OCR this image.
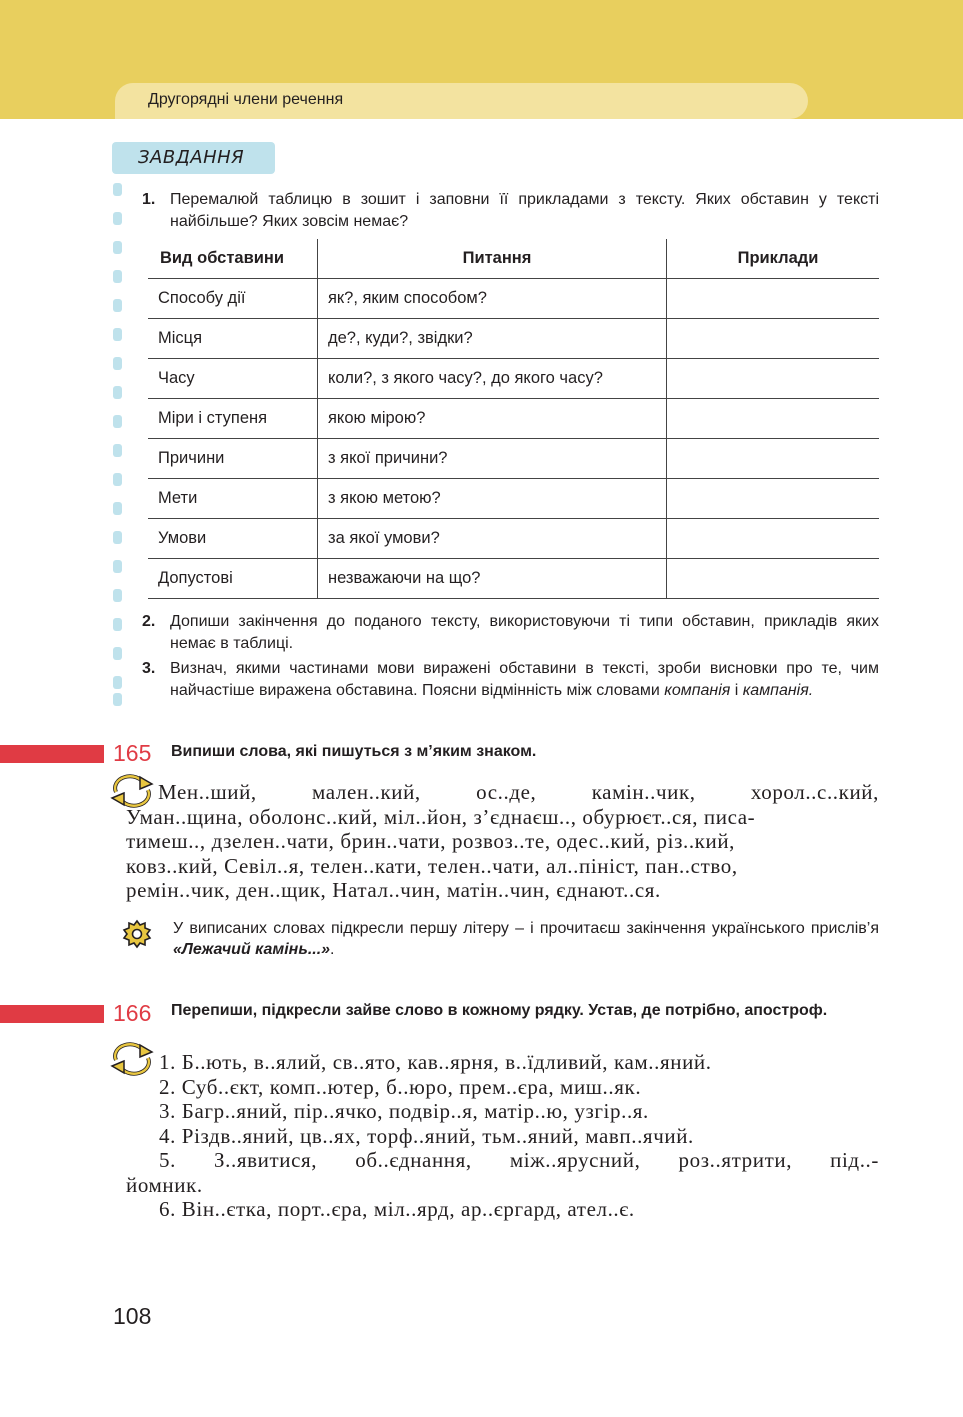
Другорядні члени речення
ЗАВДАННЯ
1. Перемалюй таблицю в зошит і заповни її прикладами з тексту. Яких обставин у тексті найбільше? Яких зовсім немає?
Вид обставини	Питання	Приклади
Способу дії	як?, яким способом?	
Місця	де?, куди?, звідки?	
Часу	коли?, з якого часу?, до якого часу?	
Міри і ступеня	якою мірою?	
Причини	з якої причини?	
Мети	з якою метою?	
Умови	за якої умови?	
Допустові	незважаючи на що?	
2. Допиши закінчення до поданого тексту, використовуючи ті типи обставин, прикладів яких немає в таблиці.
3. Визнач, якими частинами мови виражені обставини в тексті, зроби висновки про те, чим найчастіше виражена обставина. Поясни відмінність між словами компанія і кампанія.
165 Випиши слова, які пишуться з м’яким знаком.
Мен..ший, мален..кий, ос..де, камін..чик, хорол..с..кий,
Уман..щина, оболонс..кий, міл..йон, з’єднаєш.., обурюєт..ся, писа-
тимеш.., дзелен..чати, брин..чати, розвоз..те, одес..кий, різ..кий,
ковз..кий, Севіл..я, телен..кати, телен..чати, ал..пініст, пан..ство,
ремін..чик, ден..щик, Натал..чин, матін..чин, єднают..ся.
У виписаних словах підкресли першу літеру – і прочитаєш закінчення українського прислів’я «Лежачий камінь...».
166 Перепиши, підкресли зайве слово в кожному рядку. Устав, де потрібно, апостроф.
1. Б..ють, в..ялий, св..ято, кав..ярня, в..їдливий, кам..яний.
2. Суб..єкт, комп..ютер, б..юро, прем..єра, миш..як.
3. Багр..яний, пір..ячко, подвір..я, матір..ю, узгір..я.
4. Різдв..яний, цв..ях, торф..яний, тьм..яний, мавп..ячий.
5. З..явитися, об..єднання, між..ярусний, роз..ятрити, під..-
йомник.
6. Він..єтка, порт..єра, міл..ярд, ар..єргард, ател..є.
108
